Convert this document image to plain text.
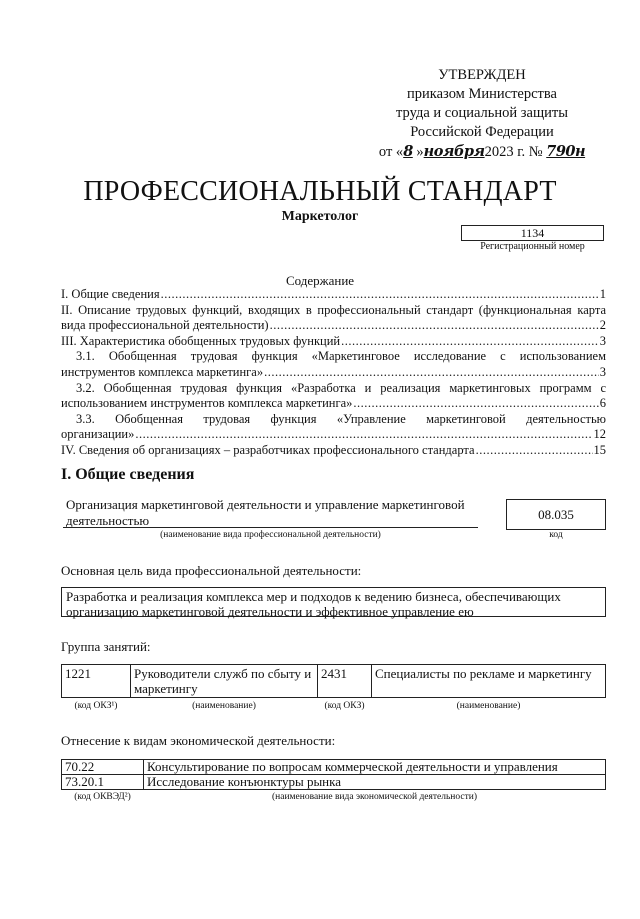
УТВЕРЖДЕН
приказом Министерства
труда и социальной защиты
Российской Федерации
от «8 »ноября2023 г. № 790н
ПРОФЕССИОНАЛЬНЫЙ СТАНДАРТ
Маркетолог
1134
Регистрационный номер
Содержание
I. Общие сведения .....	1
II. Описание трудовых функций, входящих в профессиональный стандарт (функциональная карта
вида профессиональной деятельности) .....	2
III. Характеристика обобщенных трудовых функций .....	3
3.1. Обобщенная трудовая функция «Маркетинговое исследование с использованием
инструментов комплекса маркетинга» .....	3
3.2. Обобщенная трудовая функция «Разработка и реализация маркетинговых программ с
использованием инструментов комплекса маркетинга» .....	6
3.3. Обобщенная трудовая функция «Управление маркетинговой деятельностью
организации» .....	12
IV. Сведения об организациях – разработчиках профессионального стандарта .....	15
I. Общие сведения
Организация маркетинговой деятельности и управление маркетинговой деятельностью
(наименование вида профессиональной деятельности)
08.035
код
Основная цель вида профессиональной деятельности:
Разработка и реализация комплекса мер и подходов к ведению бизнеса, обеспечивающих организацию маркетинговой деятельности и эффективное управление ею
Группа занятий:
1221	Руководители служб по сбыту и маркетингу	2431	Специалисты по рекламе и маркетингу
(код ОКЗ¹)	(наименование)	(код ОКЗ)	(наименование)
Отнесение к видам экономической деятельности:
70.22	Консультирование по вопросам коммерческой деятельности и управления
73.20.1	Исследование конъюнктуры рынка
(код ОКВЭД²)	(наименование вида экономической деятельности)
